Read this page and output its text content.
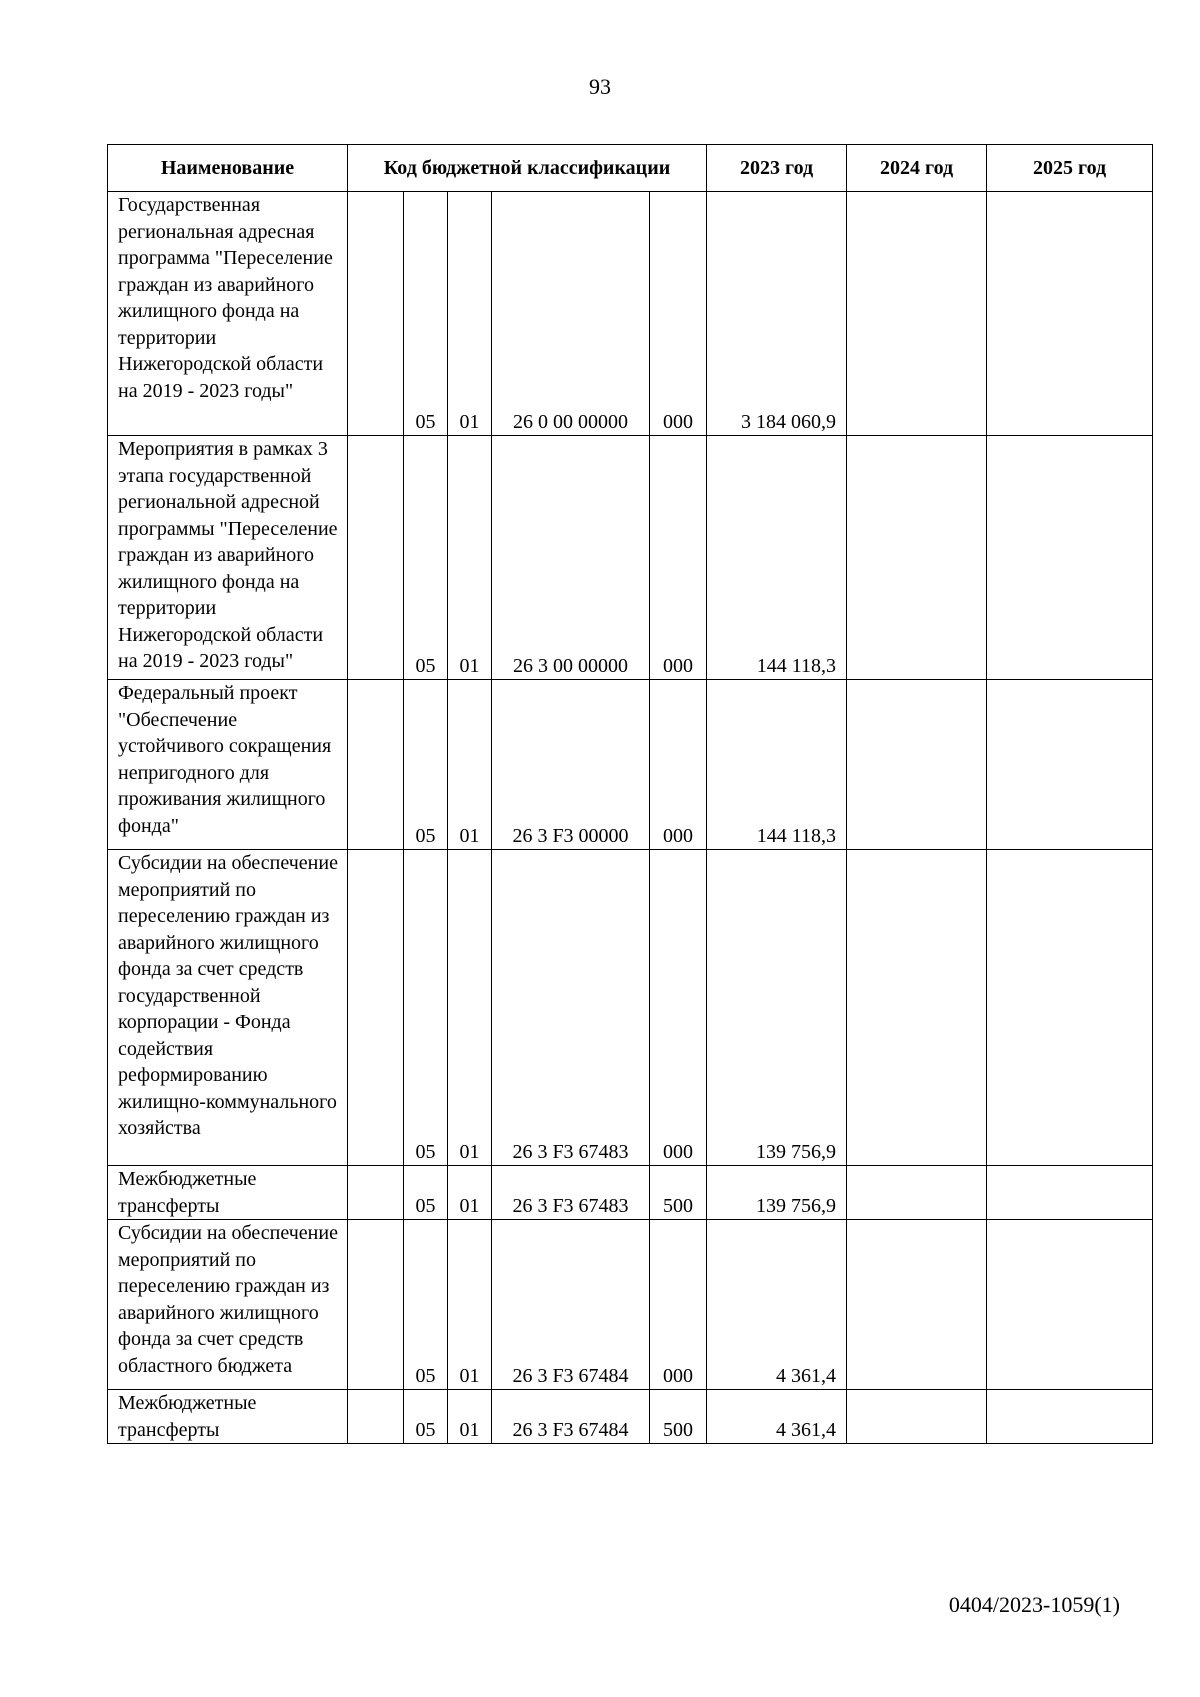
93
Наименование	Код бюджетной классификации					2023 год	2024 год	2025 год
Государственная региональная адресная программа "Переселение граждан из аварийного жилищного фонда на территории Нижегородской области на 2019 - 2023 годы"		05	01	26 0 00 00000	000	3 184 060,9		
Мероприятия в рамках 3 этапа государственной региональной адресной программы "Переселение граждан из аварийного жилищного фонда на территории Нижегородской области на 2019 - 2023 годы"		05	01	26 3 00 00000	000	144 118,3		
Федеральный проект "Обеспечение устойчивого сокращения непригодного для проживания жилищного фонда"		05	01	26 3 F3 00000	000	144 118,3		
Субсидии на обеспечение мероприятий по переселению граждан из аварийного жилищного фонда за счет средств государственной корпорации - Фонда содействия реформированию жилищно-коммунального хозяйства		05	01	26 3 F3 67483	000	139 756,9		
Межбюджетные трансферты		05	01	26 3 F3 67483	500	139 756,9		
Субсидии на обеспечение мероприятий по переселению граждан из аварийного жилищного фонда за счет средств областного бюджета		05	01	26 3 F3 67484	000	4 361,4		
Межбюджетные трансферты		05	01	26 3 F3 67484	500	4 361,4		
0404/2023-1059(1)
